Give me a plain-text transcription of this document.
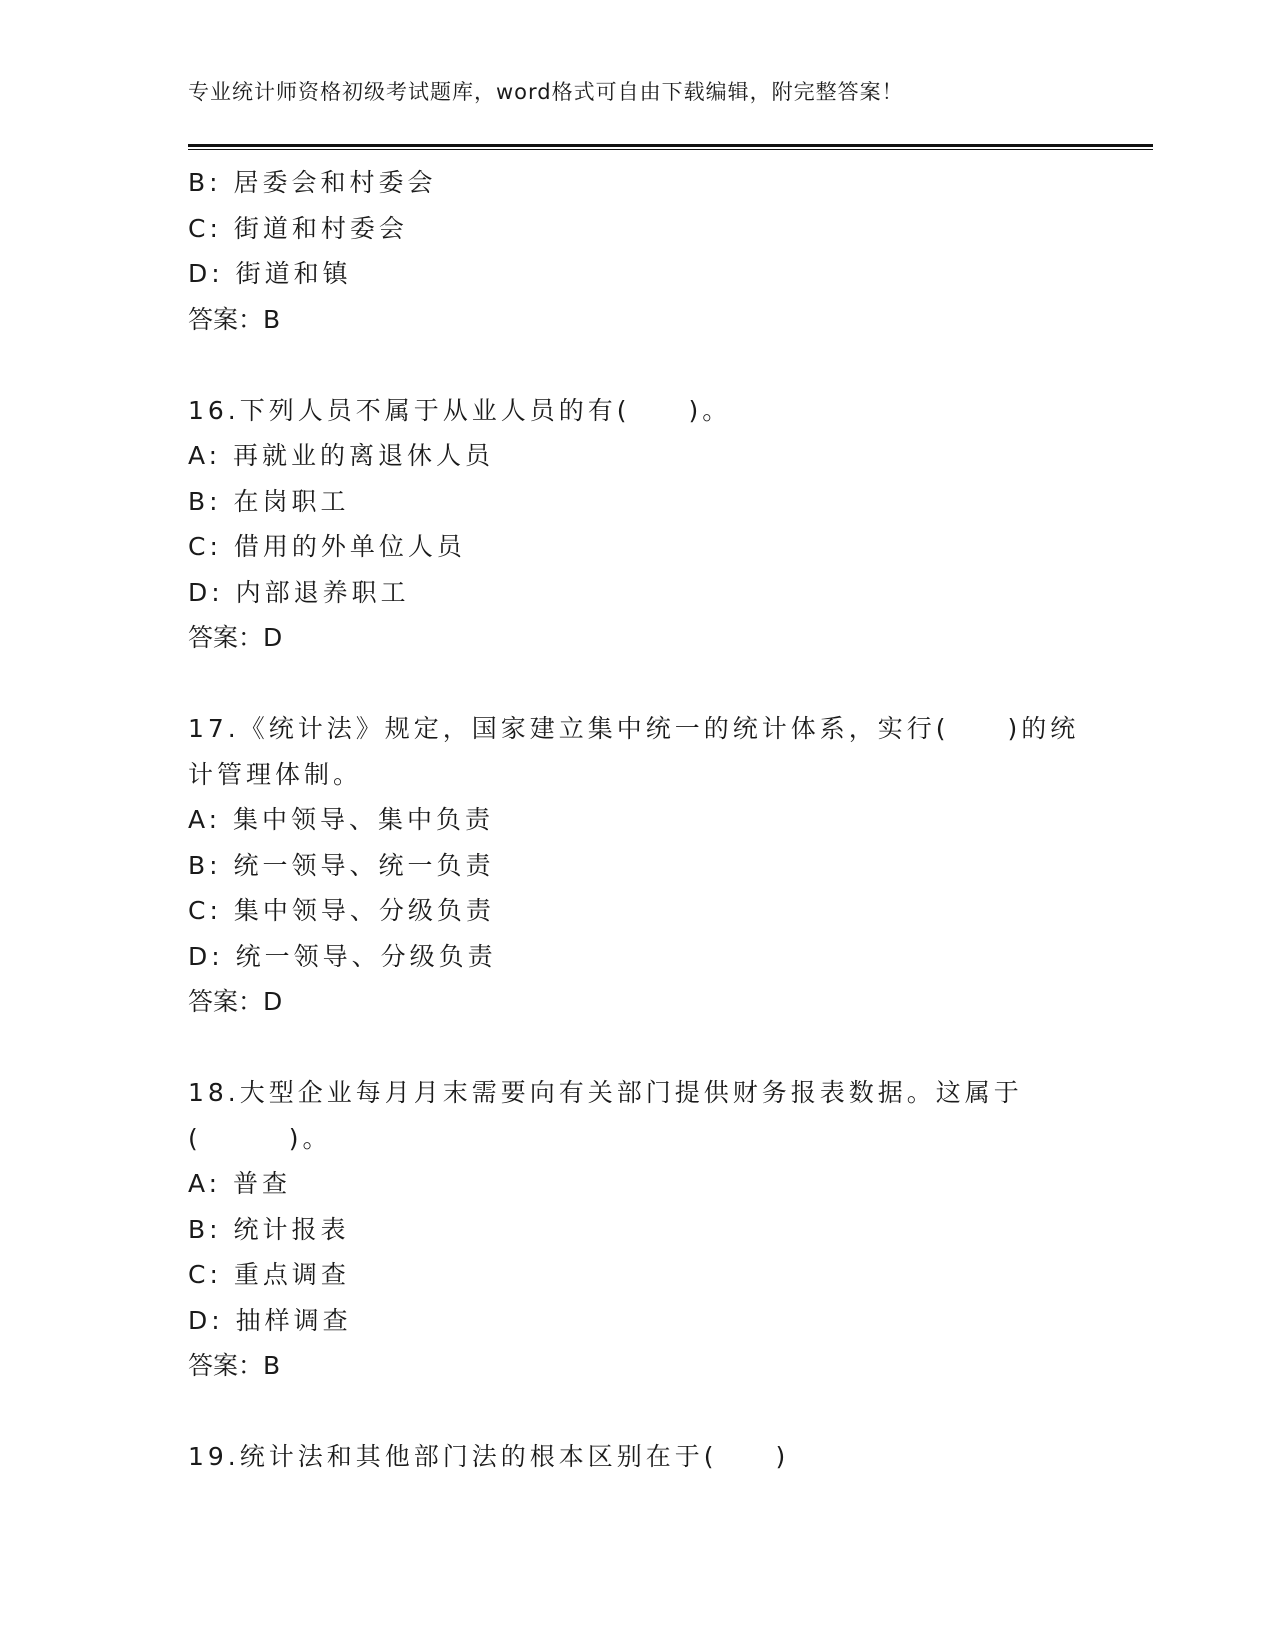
专业统计师资格初级考试题库，word格式可自由下载编辑，附完整答案！
B: 居委会和村委会
C: 街道和村委会
D: 街道和镇
答案：B
16.下列人员不属于从业人员的有(　　)。
A: 再就业的离退休人员
B: 在岗职工
C: 借用的外单位人员
D: 内部退养职工
答案：D
17.《统计法》规定，国家建立集中统一的统计体系，实行(　　)的统
计管理体制。
A: 集中领导、集中负责
B: 统一领导、统一负责
C: 集中领导、分级负责
D: 统一领导、分级负责
答案：D
18.大型企业每月月末需要向有关部门提供财务报表数据。这属于
(　　　)。
A: 普查
B: 统计报表
C: 重点调查
D: 抽样调查
答案：B
19.统计法和其他部门法的根本区别在于(　　)
